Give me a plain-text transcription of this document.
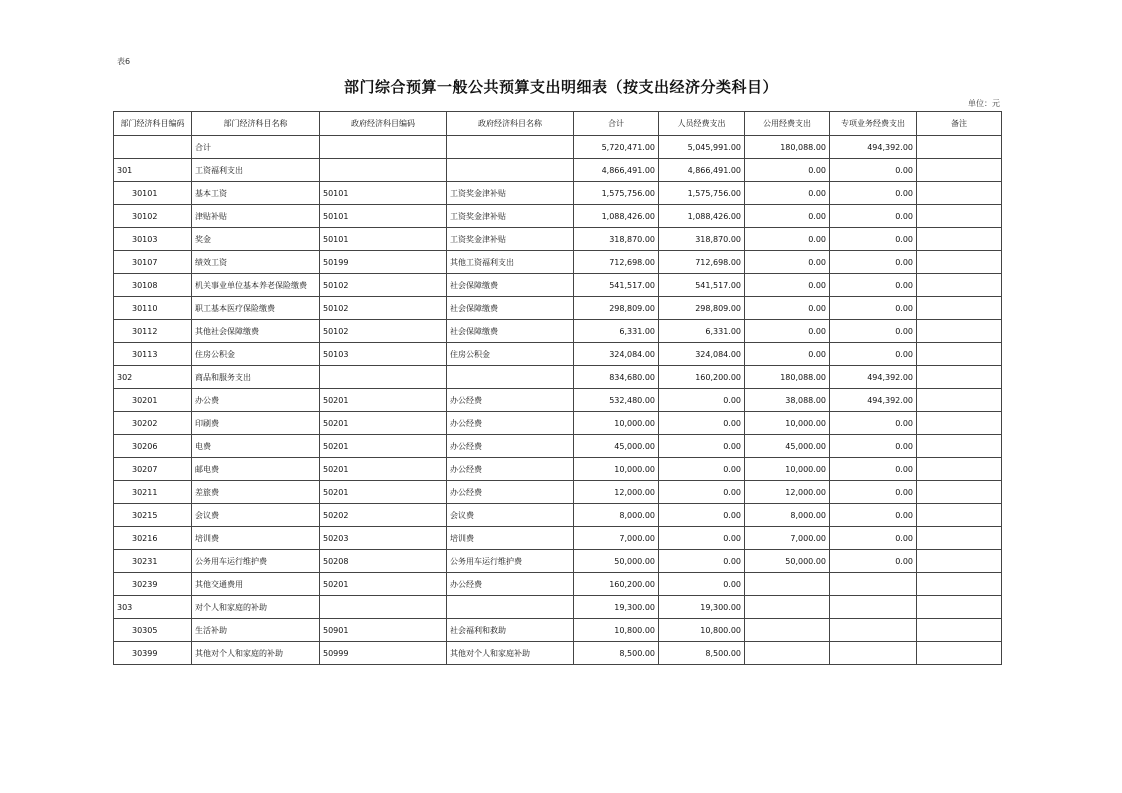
表6
部门综合预算一般公共预算支出明细表（按支出经济分类科目）
单位：元
部门经济科目编码	部门经济科目名称	政府经济科目编码	政府经济科目名称	合计	人员经费支出	公用经费支出	专项业务经费支出	备注
	合计			5,720,471.00	5,045,991.00	180,088.00	494,392.00	
301	工资福利支出			4,866,491.00	4,866,491.00	0.00	0.00	
30101	基本工资	50101	工资奖金津补贴	1,575,756.00	1,575,756.00	0.00	0.00	
30102	津贴补贴	50101	工资奖金津补贴	1,088,426.00	1,088,426.00	0.00	0.00	
30103	奖金	50101	工资奖金津补贴	318,870.00	318,870.00	0.00	0.00	
30107	绩效工资	50199	其他工资福利支出	712,698.00	712,698.00	0.00	0.00	
30108	机关事业单位基本养老保险缴费	50102	社会保障缴费	541,517.00	541,517.00	0.00	0.00	
30110	职工基本医疗保险缴费	50102	社会保障缴费	298,809.00	298,809.00	0.00	0.00	
30112	其他社会保障缴费	50102	社会保障缴费	6,331.00	6,331.00	0.00	0.00	
30113	住房公积金	50103	住房公积金	324,084.00	324,084.00	0.00	0.00	
302	商品和服务支出			834,680.00	160,200.00	180,088.00	494,392.00	
30201	办公费	50201	办公经费	532,480.00	0.00	38,088.00	494,392.00	
30202	印刷费	50201	办公经费	10,000.00	0.00	10,000.00	0.00	
30206	电费	50201	办公经费	45,000.00	0.00	45,000.00	0.00	
30207	邮电费	50201	办公经费	10,000.00	0.00	10,000.00	0.00	
30211	差旅费	50201	办公经费	12,000.00	0.00	12,000.00	0.00	
30215	会议费	50202	会议费	8,000.00	0.00	8,000.00	0.00	
30216	培训费	50203	培训费	7,000.00	0.00	7,000.00	0.00	
30231	公务用车运行维护费	50208	公务用车运行维护费	50,000.00	0.00	50,000.00	0.00	
30239	其他交通费用	50201	办公经费	160,200.00	0.00			
303	对个人和家庭的补助			19,300.00	19,300.00			
30305	生活补助	50901	社会福利和救助	10,800.00	10,800.00			
30399	其他对个人和家庭的补助	50999	其他对个人和家庭补助	8,500.00	8,500.00			
